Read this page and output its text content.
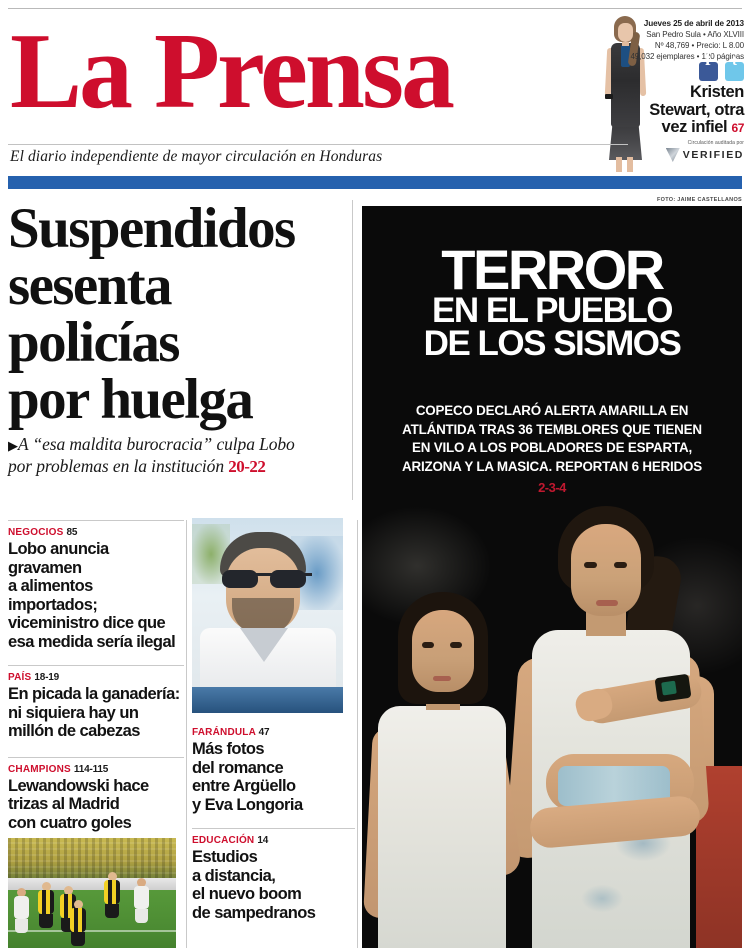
La Prensa	Jueves 25 de abril de 2013
San Pedro Sula • Año XLVIII
Nº 48,769 • Precio: L 8.00
49,032 ejemplares • 120 páginas
f t
Kristen
Stewart, otra
vez infiel 67
Circulación auditada por
VERIFIED
El diario independiente de mayor circulación en Honduras
Suspendidos
sesenta
policías
por huelga
▶A “esa maldita burocracia” culpa Lobo
por problemas en la institución 20-22
FOTO: JAIME CASTELLANOS
TERROR
EN EL PUEBLO
DE LOS SISMOS
COPECO DECLARÓ ALERTA AMARILLA EN
ATLÁNTIDA TRAS 36 TEMBLORES QUE TIENEN
EN VILO A LOS POBLADORES DE ESPARTA,
ARIZONA Y LA MASICA. REPORTAN 6 HERIDOS
2-3-4
NEGOCIOS 85
Lobo anuncia gravamen
a alimentos importados;
viceministro dice que
esa medida sería ilegal
PAÍS 18-19
En picada la ganadería:
ni siquiera hay un
millón de cabezas
CHAMPIONS 114-115
Lewandowski hace
trizas al Madrid
con cuatro goles
FARÁNDULA 47
Más fotos
del romance
entre Argüello
y Eva Longoria
EDUCACIÓN 14
Estudios
a distancia,
el nuevo boom
de sampedranos
